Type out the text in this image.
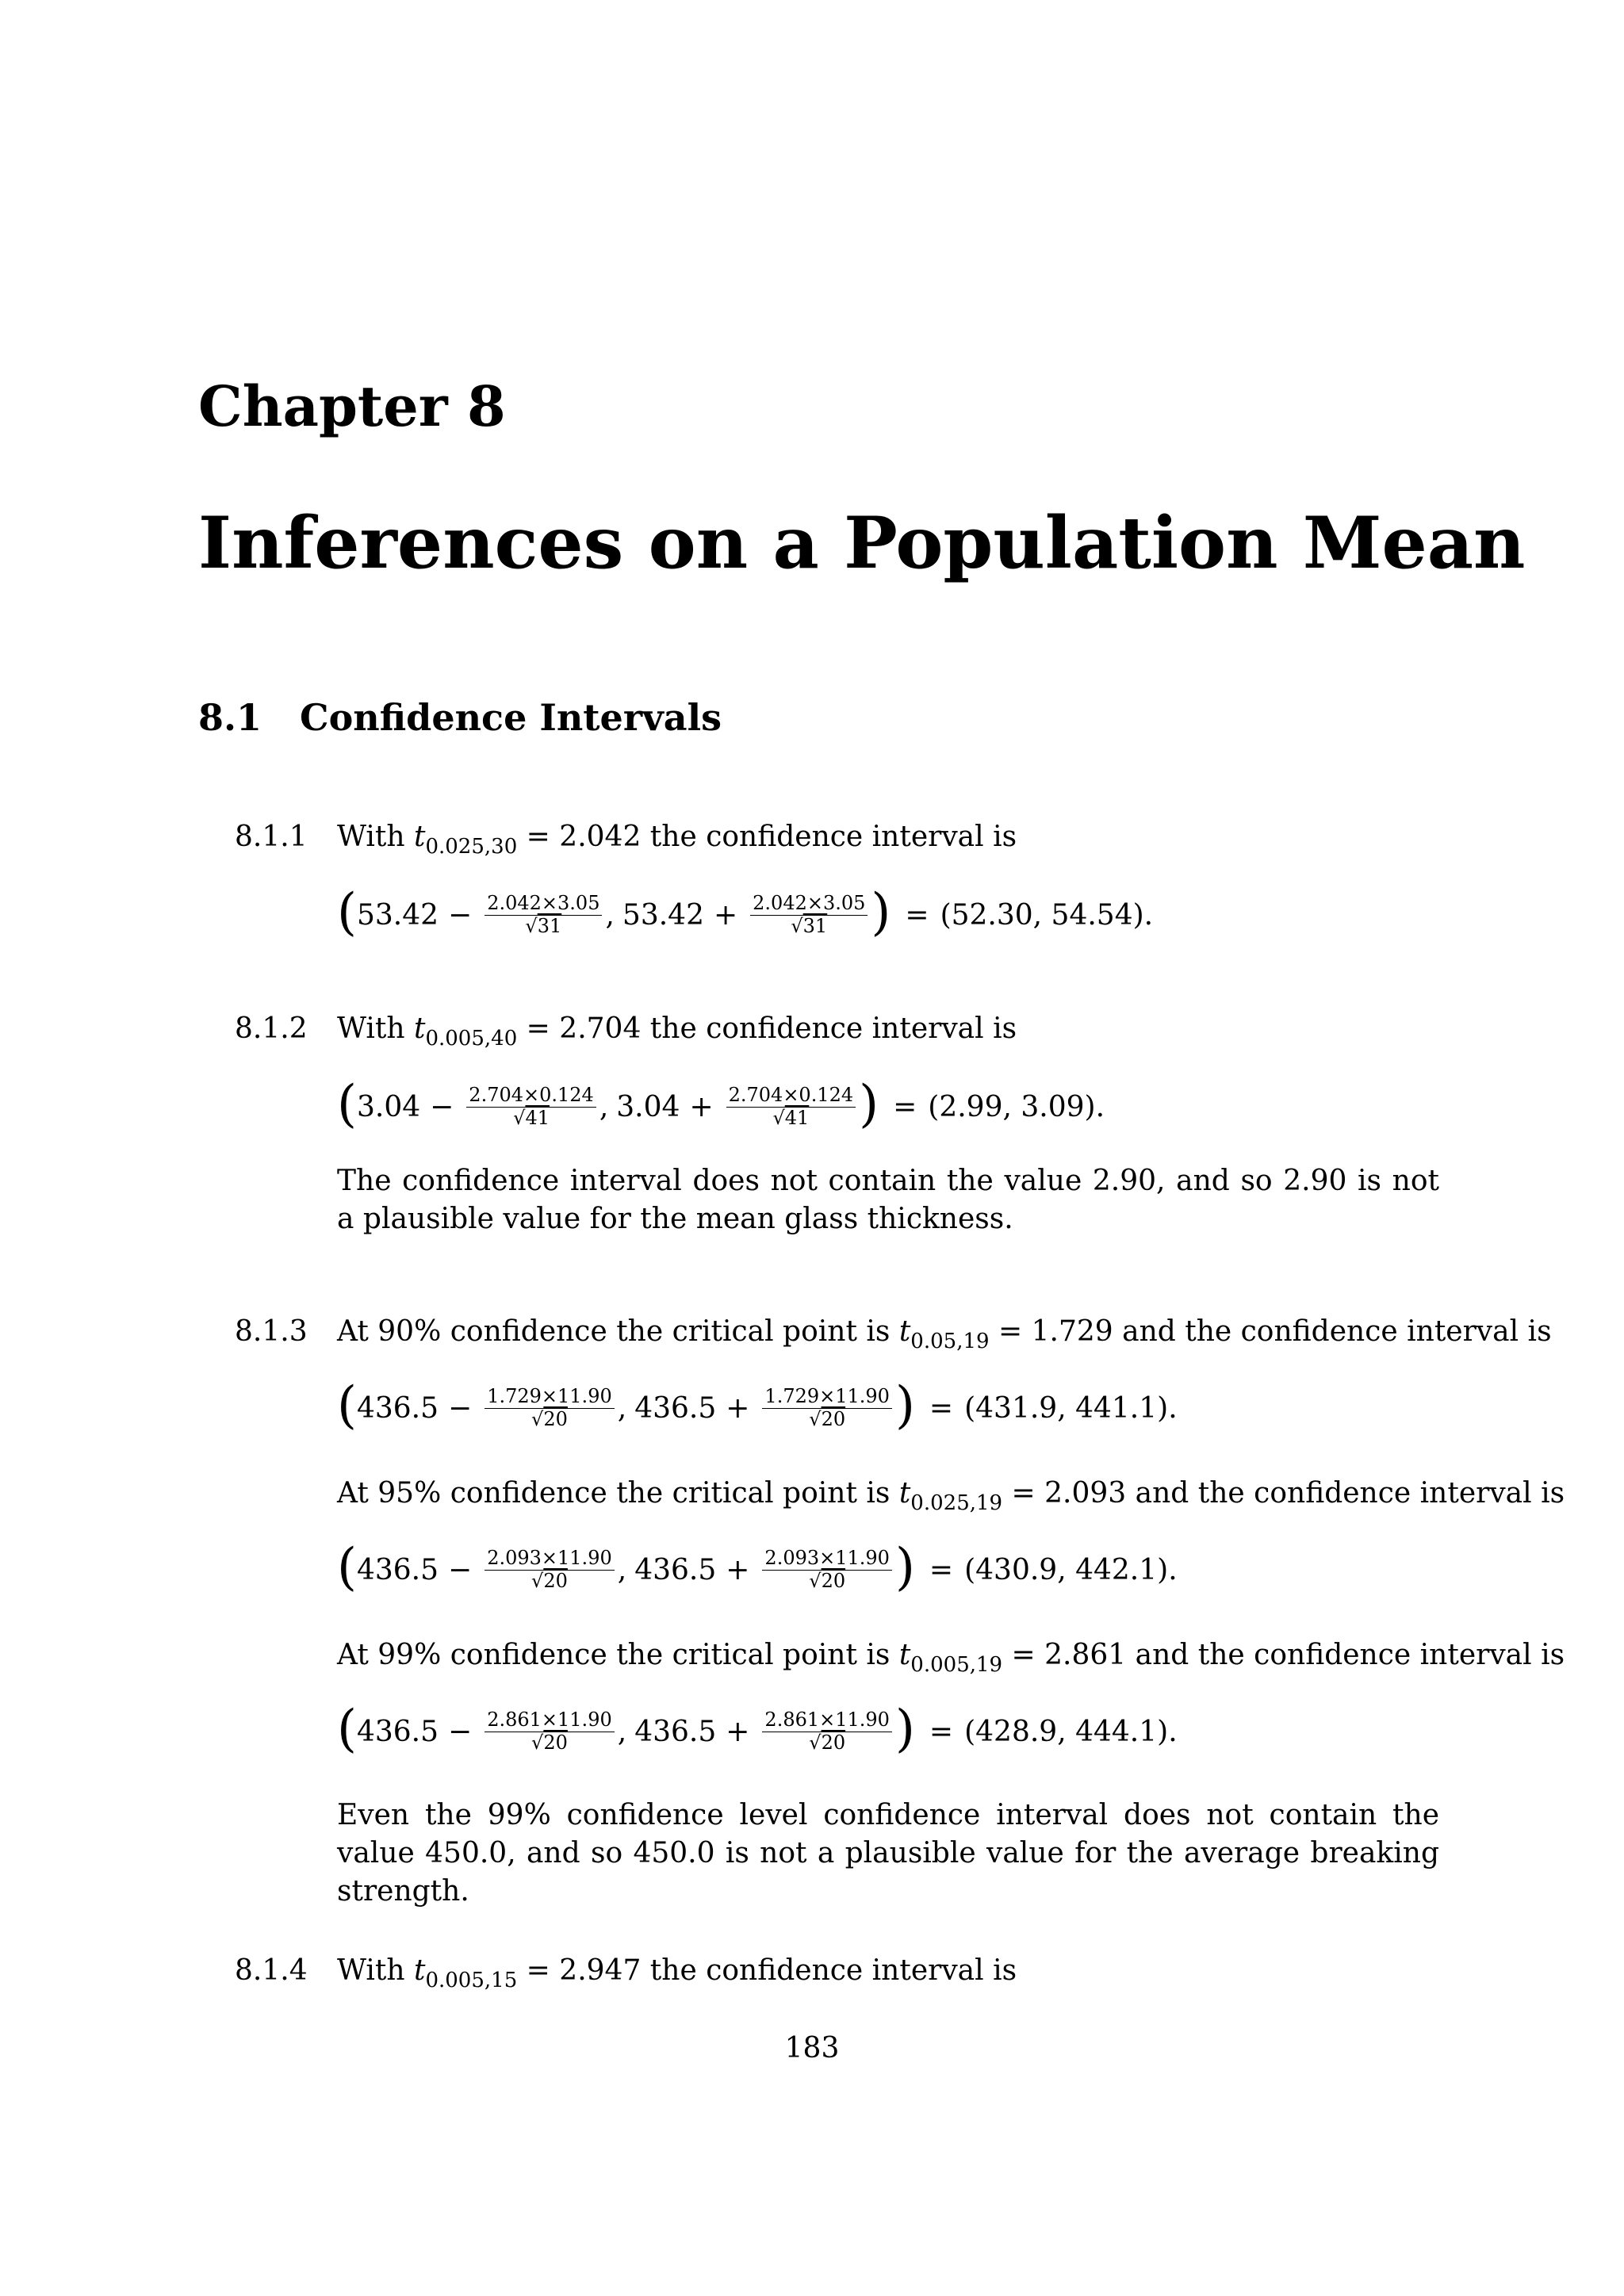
Chapter 8
Inferences on a Population Mean
8.1 Confidence Intervals
8.1.1 With $t_{0.025,30} = 2.042$ the confidence interval is
( $53.42 - \frac{2.042\times 3.05}{√31}$ , $53.42 + \frac{2.042\times 3.05}{√31}$ ) = (52.30, 54.54).
8.1.2 With $t_{0.005,40} = 2.704$ the confidence interval is
( $3.04 - \frac{2.704\times 0.124}{√41}$ , $3.04 + \frac{2.704\times 0.124}{√41}$ ) = (2.99, 3.09).
The confidence interval does not contain the value 2.90, and so 2.90 is not a plausible value for the mean glass thickness.
8.1.3 At 90% confidence the critical point is $t_{0.05,19} = 1.729$ and the confidence interval is
( $436.5 - \frac{1.729\times 11.90}{√20}$ , $436.5 + \frac{1.729\times 11.90}{√20}$ ) = (431.9, 441.1).
At 95% confidence the critical point is $t_{0.025,19} = 2.093$ and the confidence interval is
( $436.5 - \frac{2.093\times 11.90}{√20}$ , $436.5 + \frac{2.093\times 11.90}{√20}$ ) = (430.9, 442.1).
At 99% confidence the critical point is $t_{0.005,19} = 2.861$ and the confidence interval is
( $436.5 - \frac{2.861\times 11.90}{√20}$ , $436.5 + \frac{2.861\times 11.90}{√20}$ ) = (428.9, 444.1).
Even the 99% confidence level confidence interval does not contain the value 450.0, and so 450.0 is not a plausible value for the average breaking strength.
8.1.4 With $t_{0.005,15} = 2.947$ the confidence interval is
183
